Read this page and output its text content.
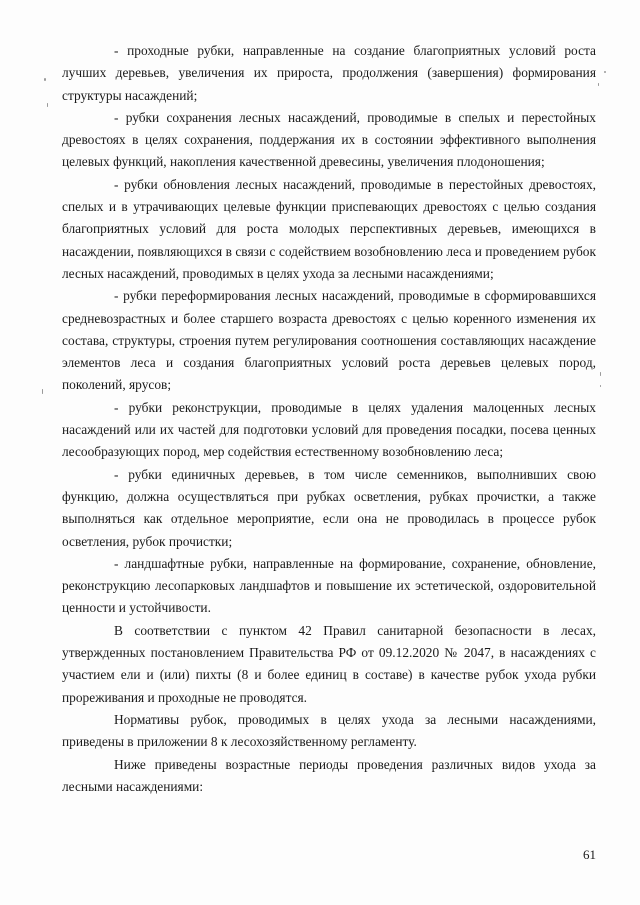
- проходные рубки, направленные на создание благоприятных условий роста лучших деревьев, увеличения их прироста, продолжения (завершения) формирования структуры насаждений;

- рубки сохранения лесных насаждений, проводимые в спелых и перестойных древостоях в целях сохранения, поддержания их в состоянии эффективного выполнения целевых функций, накопления качественной древесины, увеличения плодоношения;

- рубки обновления лесных насаждений, проводимые в перестойных древостоях, спелых и в утрачивающих целевые функции приспевающих древостоях с целью создания благоприятных условий для роста молодых перспективных деревьев, имеющихся в насаждении, появляющихся в связи с содействием возобновлению леса и проведением рубок лесных насаждений, проводимых в целях ухода за лесными насаждениями;

- рубки переформирования лесных насаждений, проводимые в сформировавшихся средневозрастных и более старшего возраста древостоях с целью коренного изменения их состава, структуры, строения путем регулирования соотношения составляющих насаждение элементов леса и создания благоприятных условий роста деревьев целевых пород, поколений, ярусов;

- рубки реконструкции, проводимые в целях удаления малоценных лесных насаждений или их частей для подготовки условий для проведения посадки, посева ценных лесообразующих пород, мер содействия естественному возобновлению леса;

- рубки единичных деревьев, в том числе семенников, выполнивших свою функцию, должна осуществляться при рубках осветления, рубках прочистки, а также выполняться как отдельное мероприятие, если она не проводилась в процессе рубок осветления, рубок прочистки;

- ландшафтные рубки, направленные на формирование, сохранение, обновление, реконструкцию лесопарковых ландшафтов и повышение их эстетической, оздоровительной ценности и устойчивости.

В соответствии с пунктом 42 Правил санитарной безопасности в лесах, утвержденных постановлением Правительства РФ от 09.12.2020 № 2047, в насаждениях с участием ели и (или) пихты (8 и более единиц в составе) в качестве рубок ухода рубки прореживания и проходные не проводятся.

Нормативы рубок, проводимых в целях ухода за лесными насаждениями, приведены в приложении 8 к лесохозяйственному регламенту.

Ниже приведены возрастные периоды проведения различных видов ухода за лесными насаждениями:

61
